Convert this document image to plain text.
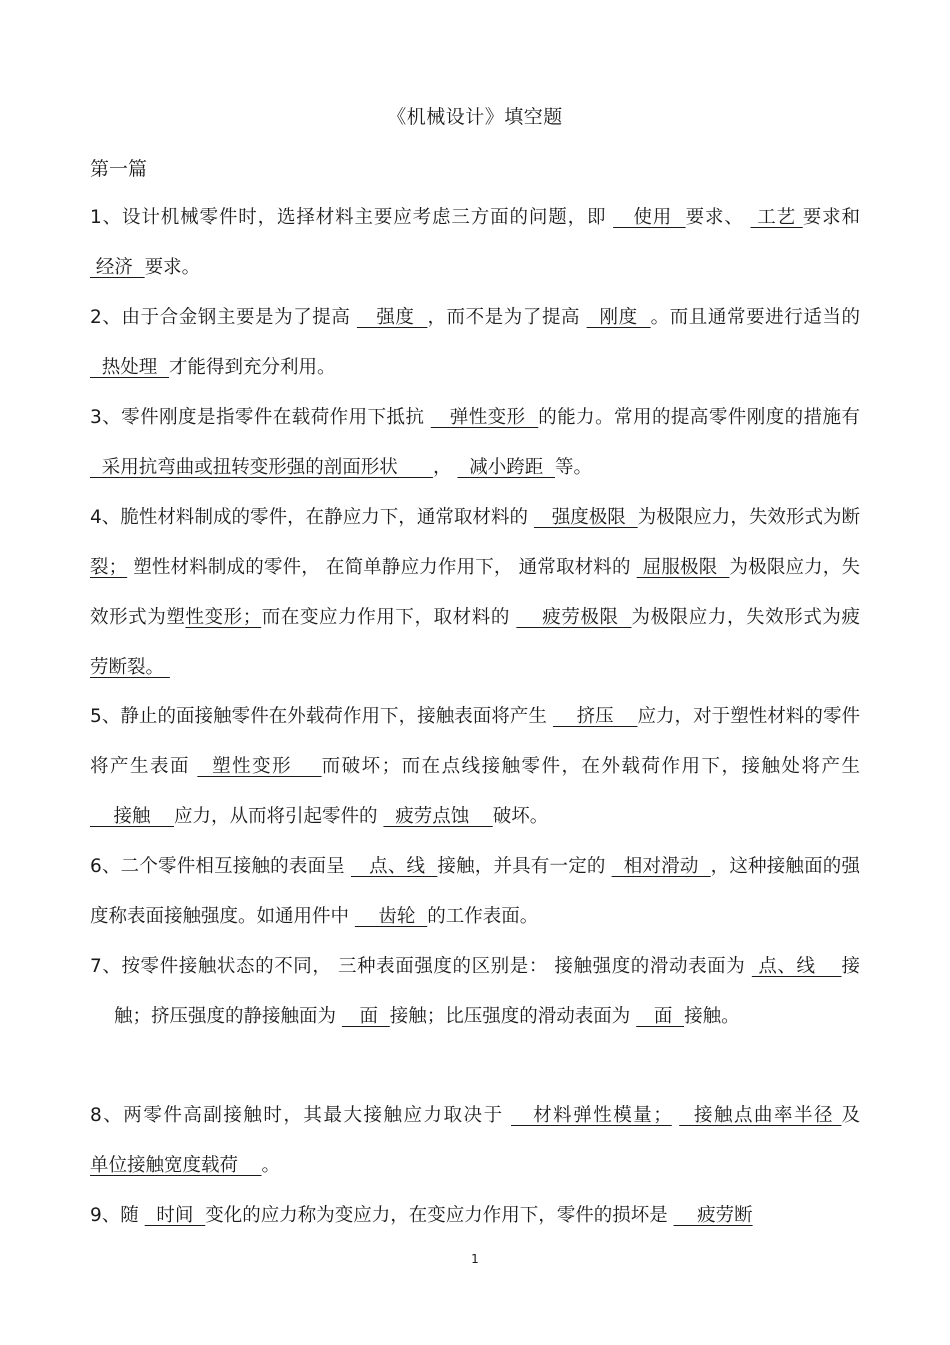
《机械设计》填空题
第一篇
1、设计机械零件时，选择材料主要应考虑三方面的问题，即    使用  要求、  工艺 要求和  经济  要求。
2、由于合金钢主要是为了提高    强度  ，而不是为了提高   刚度  。而且通常要进行适当的   热处理  才能得到充分利用。
3、零件刚度是指零件在载荷作用下抵抗    弹性变形  的能力。常用的提高零件刚度的措施有   采用抗弯曲或扭转变形强的剖面形状      ，   减小跨距  等。
4、脆性材料制成的零件，在静应力下，通常取材料的    强度极限  为极限应力，失效形式为断裂； 塑性材料制成的零件， 在简单静应力作用下， 通常取材料的  屈服极限  为极限应力，失效形式为塑性变形；而在变应力作用下，取材料的     疲劳极限  为极限应力，失效形式为疲劳断裂。
5、静止的面接触零件在外载荷作用下，接触表面将产生     挤压    应力，对于塑性材料的零件将产生表面   塑性变形    而破坏；而在点线接触零件，在外载荷作用下，接触处将产生     接触    应力，从而将引起零件的   疲劳点蚀    破坏。
6、二个零件相互接触的表面呈    点、线  接触，并具有一定的   相对滑动  ，这种接触面的强度称表面接触强度。如通用件中     齿轮  的工作表面。
7、按零件接触状态的不同， 三种表面强度的区别是： 接触强度的滑动表面为  点、线    接触；挤压强度的静接触面为    面  接触；比压强度的滑动表面为    面  接触。
8、两零件高副接触时，其最大接触应力取决于    材料弹性模量；   接触点曲率半径 及 单位接触宽度载荷    。
9、随   时间  变化的应力称为变应力，在变应力作用下，零件的损坏是     疲劳断
1
